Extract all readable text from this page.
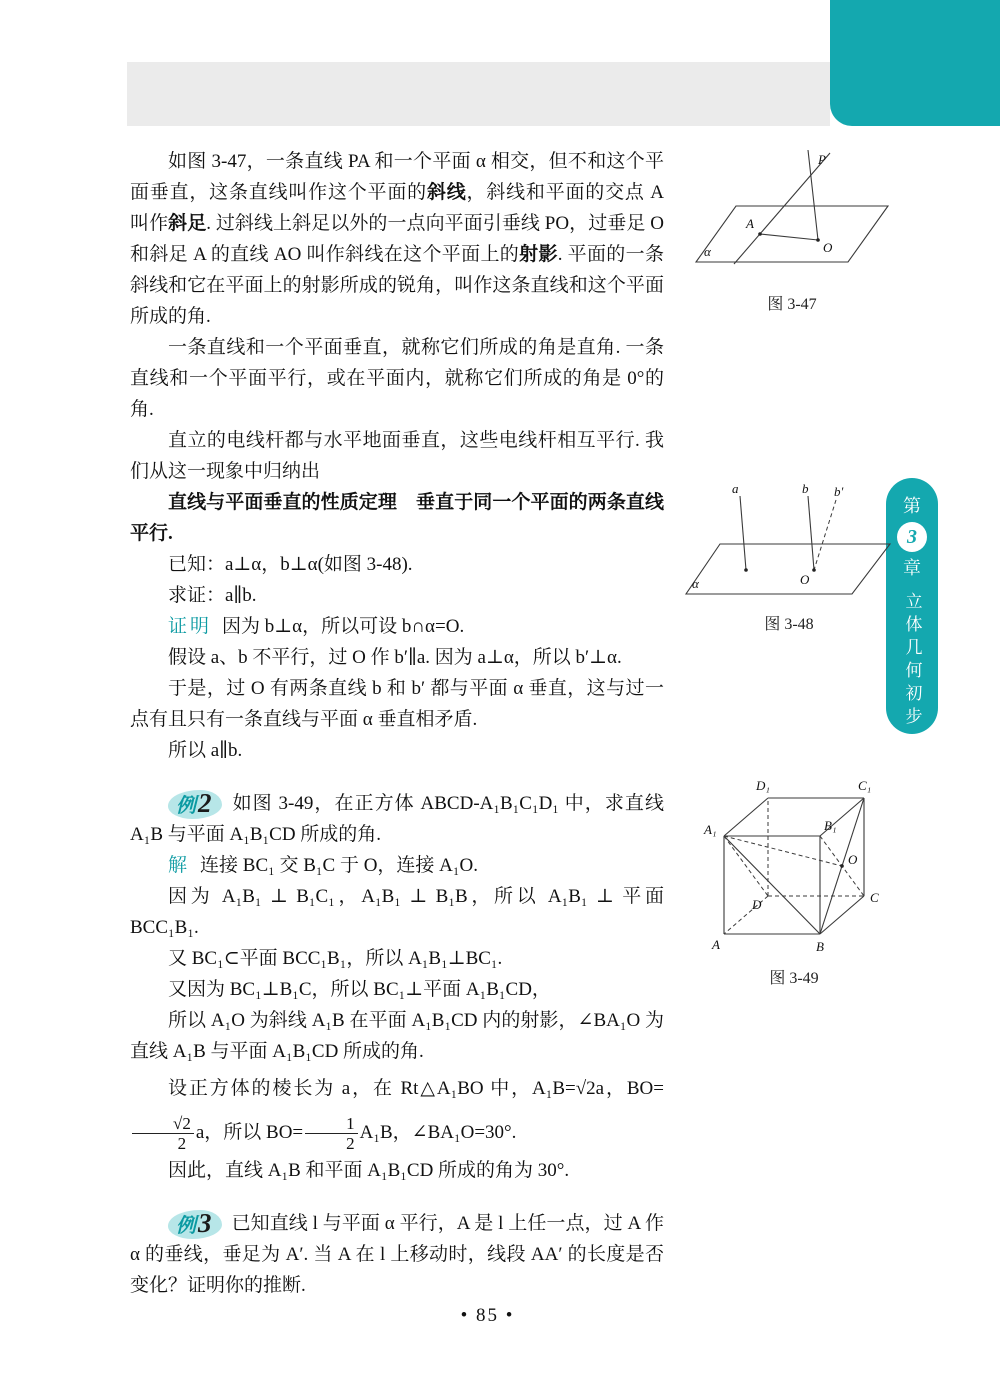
第
3
章
立体几何初步

如图 3-47，一条直线 PA 和一个平面 α 相交，但不和这个平面垂直，这条直线叫作这个平面的斜线，斜线和平面的交点 A 叫作斜足. 过斜线上斜足以外的一点向平面引垂线 PO，过垂足 O 和斜足 A 的直线 AO 叫作斜线在这个平面上的射影. 平面的一条斜线和它在平面上的射影所成的锐角，叫作这条直线和这个平面所成的角.

一条直线和一个平面垂直，就称它们所成的角是直角. 一条直线和一个平面平行，或在平面内，就称它们所成的角是 0°的角.

直立的电线杆都与水平地面垂直，这些电线杆相互平行. 我们从这一现象中归纳出

直线与平面垂直的性质定理　垂直于同一个平面的两条直线平行.

已知：a⊥α，b⊥α(如图 3-48).

求证：a∥b.

证明 因为 b⊥α，所以可设 b∩α=O.

假设 a、b 不平行，过 O 作 b′∥a. 因为 a⊥α，所以 b′⊥α.

于是，过 O 有两条直线 b 和 b′ 都与平面 α 垂直，这与过一点有且只有一条直线与平面 α 垂直相矛盾.

所以 a∥b.

例2 如图 3-49，在正方体 ABCD-A₁B₁C₁D₁ 中，求直线 A₁B 与平面 A₁B₁CD 所成的角.

解 连接 BC₁ 交 B₁C 于 O，连接 A₁O.

因为 A₁B₁ ⊥ B₁C₁，A₁B₁ ⊥ B₁B，所以 A₁B₁ ⊥ 平面 BCC₁B₁.

又 BC₁⊂平面 BCC₁B₁，所以 A₁B₁⊥BC₁.

又因为 BC₁⊥B₁C，所以 BC₁⊥平面 A₁B₁CD，

所以 A₁O 为斜线 A₁B 在平面 A₁B₁CD 内的射影，∠BA₁O 为直线 A₁B 与平面 A₁B₁CD 所成的角.

设正方体的棱长为 a，在 Rt△A₁BO 中，A₁B=√2a，BO=
$\frac{√2}{2}$ a，所以 $BO= \frac{1}{2} A_1B$，∠BA₁O=30°.

因此，直线 A₁B 和平面 A₁B₁CD 所成的角为 30°.

例3 已知直线 l 与平面 α 平行，A 是 l 上任一点，过 A 作 α 的垂线，垂足为 A′. 当 A 在 l 上移动时，线段 AA′ 的长度是否变化？证明你的推断.

P
A
O
α
图 3-47
a	b b′
O
α
图 3-48
D₁	C₁
A₁	B₁
O
C
D
A	B
图 3-49
• 85 •
